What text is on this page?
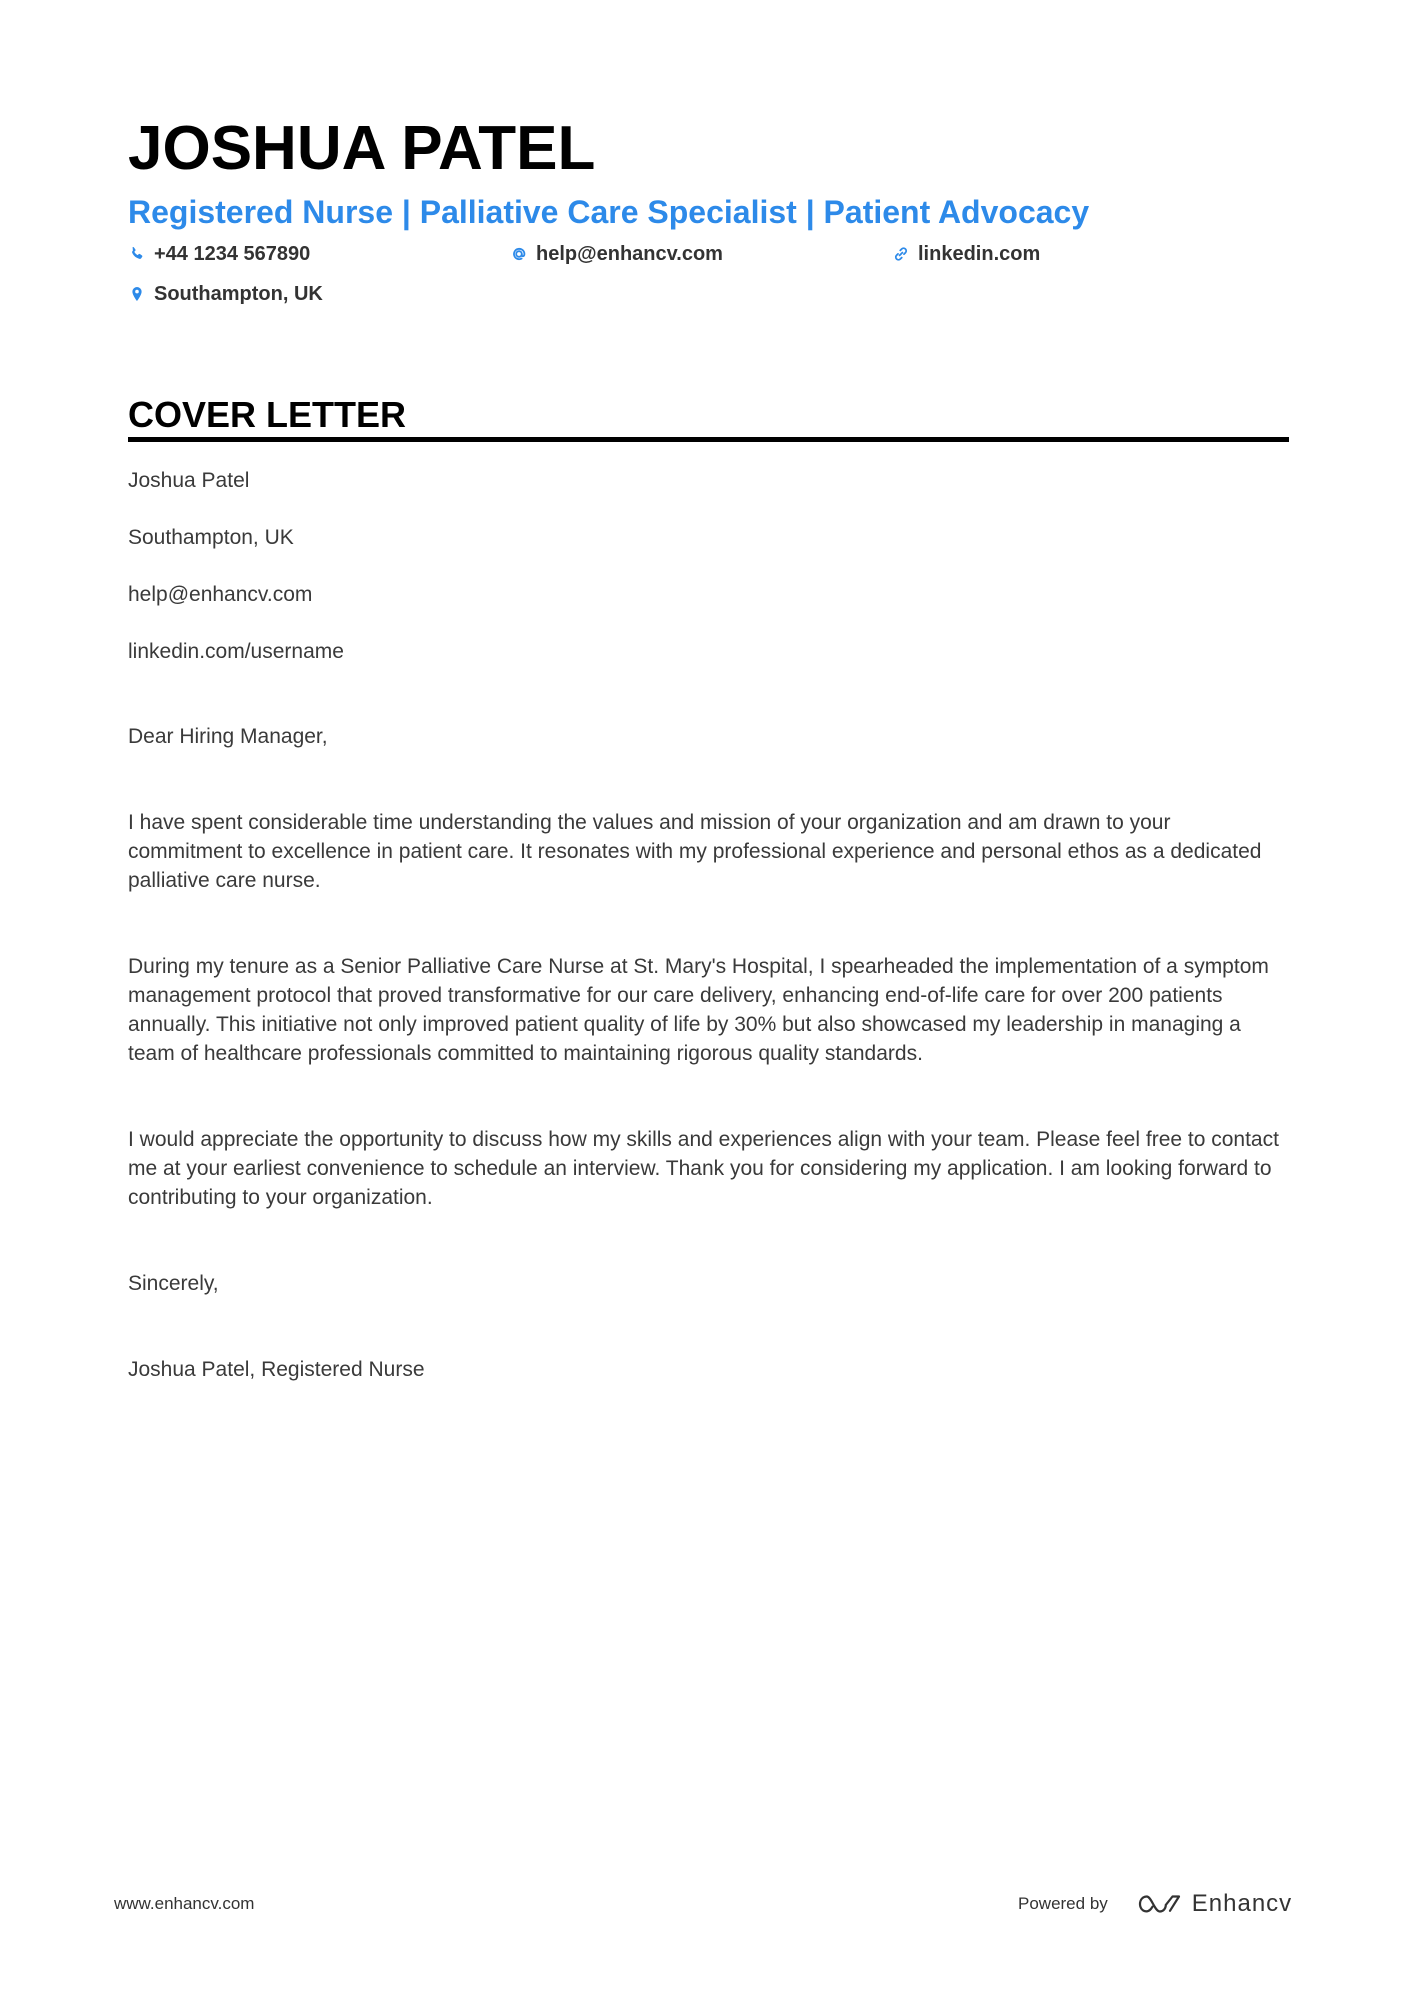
JOSHUA PATEL
Registered Nurse | Palliative Care Specialist | Patient Advocacy
+44 1234 567890	help@enhancv.com	linkedin.com
Southampton, UK
COVER LETTER

Joshua Patel

Southampton, UK

help@enhancv.com

linkedin.com/username

Dear Hiring Manager,

I have spent considerable time understanding the values and mission of your organization and am drawn to your commitment to excellence in patient care. It resonates with my professional experience and personal ethos as a dedicated palliative care nurse.

During my tenure as a Senior Palliative Care Nurse at St. Mary's Hospital, I spearheaded the implementation of a symptom management protocol that proved transformative for our care delivery, enhancing end-of-life care for over 200 patients annually. This initiative not only improved patient quality of life by 30% but also showcased my leadership in managing a team of healthcare professionals committed to maintaining rigorous quality standards.

I would appreciate the opportunity to discuss how my skills and experiences align with your team. Please feel free to contact me at your earliest convenience to schedule an interview. Thank you for considering my application. I am looking forward to contributing to your organization.

Sincerely,

Joshua Patel, Registered Nurse

www.enhancv.com	Powered by	Enhancv
